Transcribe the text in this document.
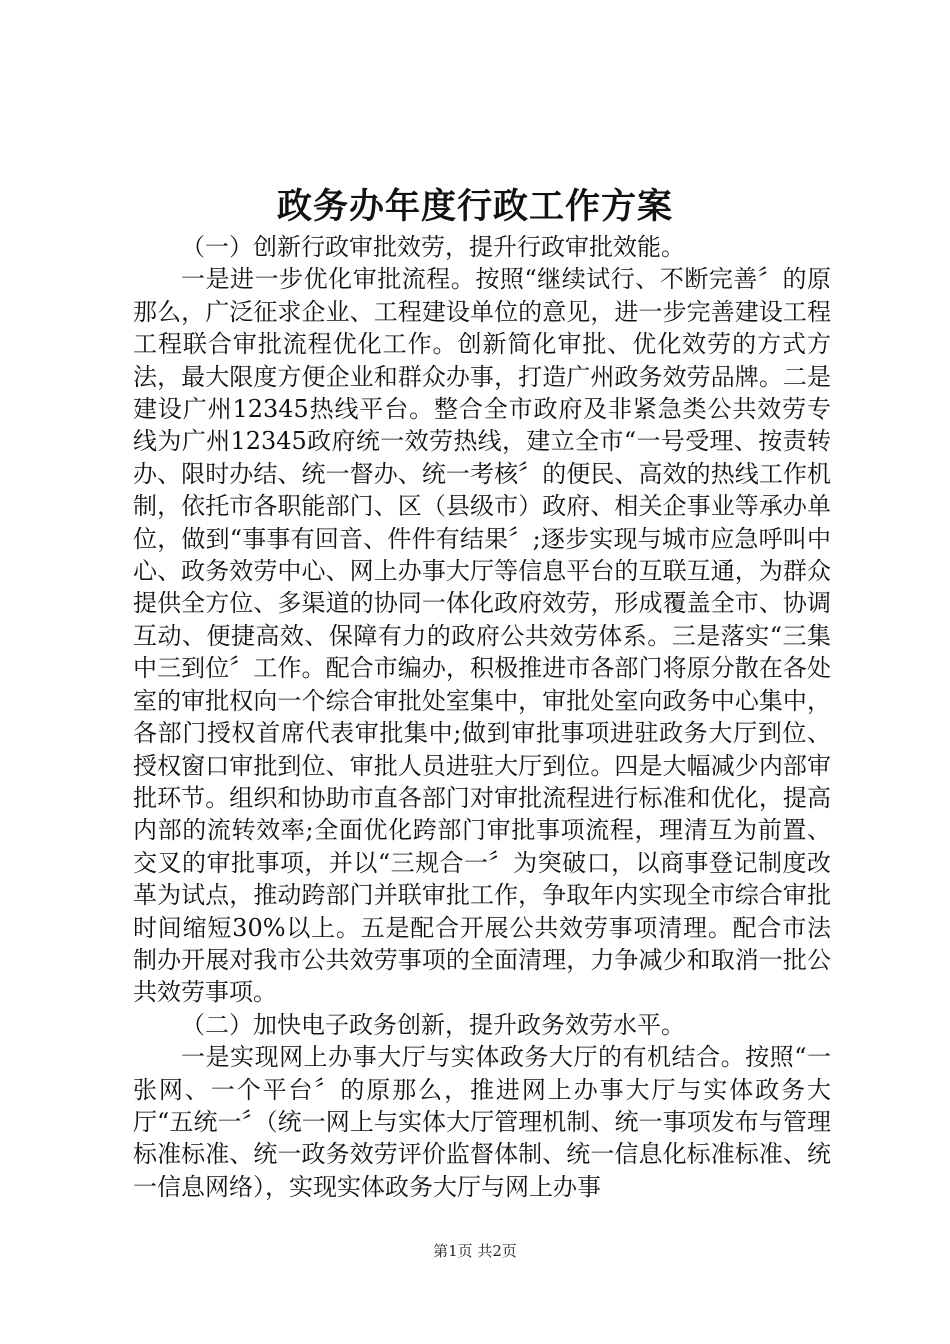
政务办年度行政工作方案

（一）创新行政审批效劳，提升行政审批效能。

一是进一步优化审批流程。按照“继续试行、不断完善〞的原那么，广泛征求企业、工程建设单位的意见，进一步完善建设工程工程联合审批流程优化工作。创新简化审批、优化效劳的方式方法，最大限度方便企业和群众办事，打造广州政务效劳品牌。二是建设广州12345热线平台。整合全市政府及非紧急类公共效劳专线为广州12345政府统一效劳热线，建立全市“一号受理、按责转办、限时办结、统一督办、统一考核〞的便民、高效的热线工作机制，依托市各职能部门、区（县级市）政府、相关企事业等承办单位，做到“事事有回音、件件有结果〞;逐步实现与城市应急呼叫中心、政务效劳中心、网上办事大厅等信息平台的互联互通，为群众提供全方位、多渠道的协同一体化政府效劳，形成覆盖全市、协调互动、便捷高效、保障有力的政府公共效劳体系。三是落实“三集中三到位〞工作。配合市编办，积极推进市各部门将原分散在各处室的审批权向一个综合审批处室集中，审批处室向政务中心集中，各部门授权首席代表审批集中;做到审批事项进驻政务大厅到位、授权窗口审批到位、审批人员进驻大厅到位。四是大幅减少内部审批环节。组织和协助市直各部门对审批流程进行标准和优化，提高内部的流转效率;全面优化跨部门审批事项流程，理清互为前置、交叉的审批事项，并以“三规合一〞为突破口，以商事登记制度改革为试点，推动跨部门并联审批工作，争取年内实现全市综合审批时间缩短30%以上。五是配合开展公共效劳事项清理。配合市法制办开展对我市公共效劳事项的全面清理，力争减少和取消一批公共效劳事项。

（二）加快电子政务创新，提升政务效劳水平。

一是实现网上办事大厅与实体政务大厅的有机结合。按照“一张网、一个平台〞的原那么，推进网上办事大厅与实体政务大厅“五统一〞（统一网上与实体大厅管理机制、统一事项发布与管理标准标准、统一政务效劳评价监督体制、统一信息化标准标准、统一信息网络），实现实体政务大厅与网上办事

第1页 共2页
